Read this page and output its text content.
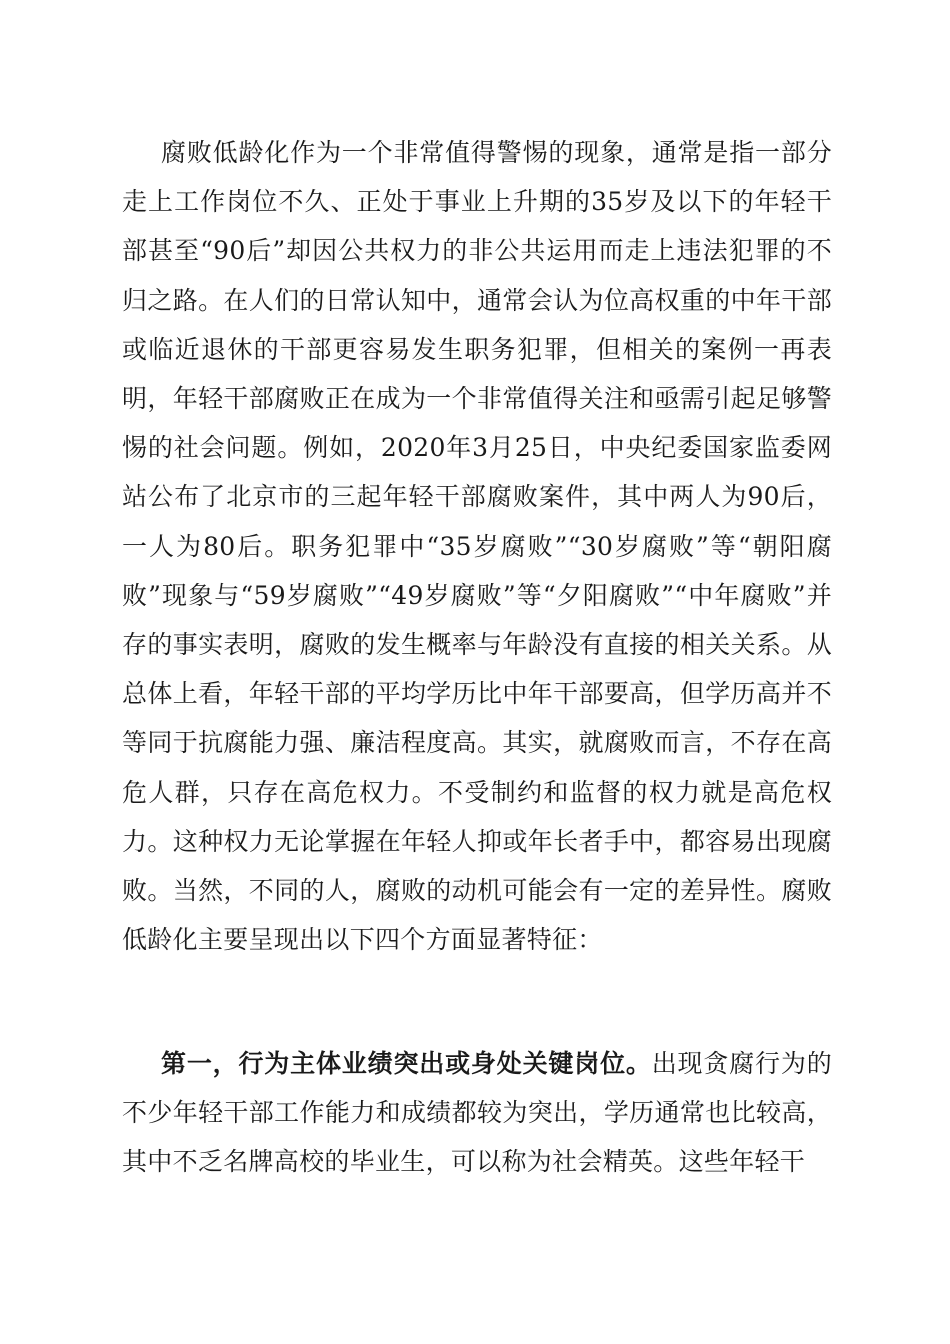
腐败低龄化作为一个非常值得警惕的现象，通常是指一部分走上工作岗位不久、正处于事业上升期的35岁及以下的年轻干部甚至“90后”却因公共权力的非公共运用而走上违法犯罪的不归之路。在人们的日常认知中，通常会认为位高权重的中年干部或临近退休的干部更容易发生职务犯罪，但相关的案例一再表明，年轻干部腐败正在成为一个非常值得关注和亟需引起足够警惕的社会问题。例如，2020年3月25日，中央纪委国家监委网站公布了北京市的三起年轻干部腐败案件，其中两人为90后，一人为80后。职务犯罪中“35岁腐败”“30岁腐败”等“朝阳腐败”现象与“59岁腐败”“49岁腐败”等“夕阳腐败”“中年腐败”并存的事实表明，腐败的发生概率与年龄没有直接的相关关系。从总体上看，年轻干部的平均学历比中年干部要高，但学历高并不等同于抗腐能力强、廉洁程度高。其实，就腐败而言，不存在高危人群，只存在高危权力。不受制约和监督的权力就是高危权力。这种权力无论掌握在年轻人抑或年长者手中，都容易出现腐败。当然，不同的人，腐败的动机可能会有一定的差异性。腐败低龄化主要呈现出以下四个方面显著特征：

第一，行为主体业绩突出或身处关键岗位。出现贪腐行为的不少年轻干部工作能力和成绩都较为突出，学历通常也比较高，其中不乏名牌高校的毕业生，可以称为社会精英。这些年轻干
